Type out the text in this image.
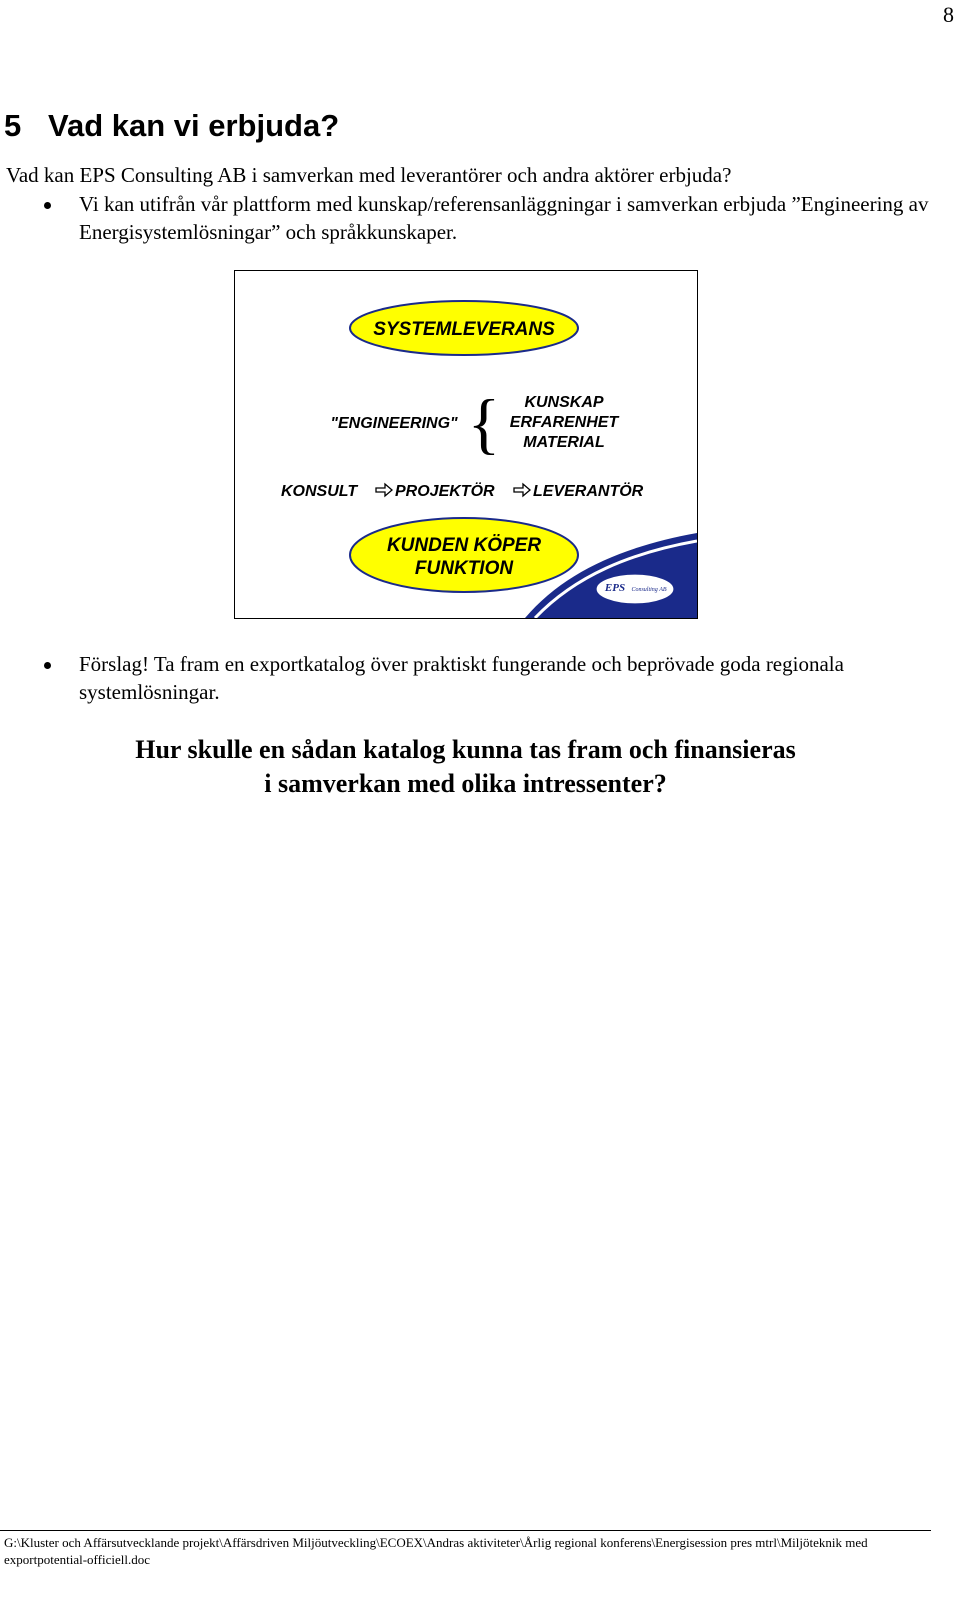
8
5 Vad kan vi erbjuda?

Vad kan EPS Consulting AB i samverkan med leverantörer och andra aktörer erbjuda?

Vi kan utifrån vår plattform med kunskap/referensanläggningar i samverkan erbjuda ”Engineering av Energisystemlösningar” och språkkunskaper.
SYSTEMLEVERANS
"ENGINEERING" { KUNSKAP
ERFARENHET
MATERIAL
KONSULT PROJEKTÖR LEVERANTÖR
KUNDEN KÖPER
FUNKTION
EPS Consulting AB
Förslag! Ta fram en exportkatalog över praktiskt fungerande och beprövade goda regionala systemlösningar.

Hur skulle en sådan katalog kunna tas fram och finansieras
i samverkan med olika intressenter?

G:\Kluster och Affärsutvecklande projekt\Affärsdriven Miljöutveckling\ECOEX\Andras aktiviteter\Årlig regional konferens\Energisession pres mtrl\Miljöteknik med exportpotential-officiell.doc
